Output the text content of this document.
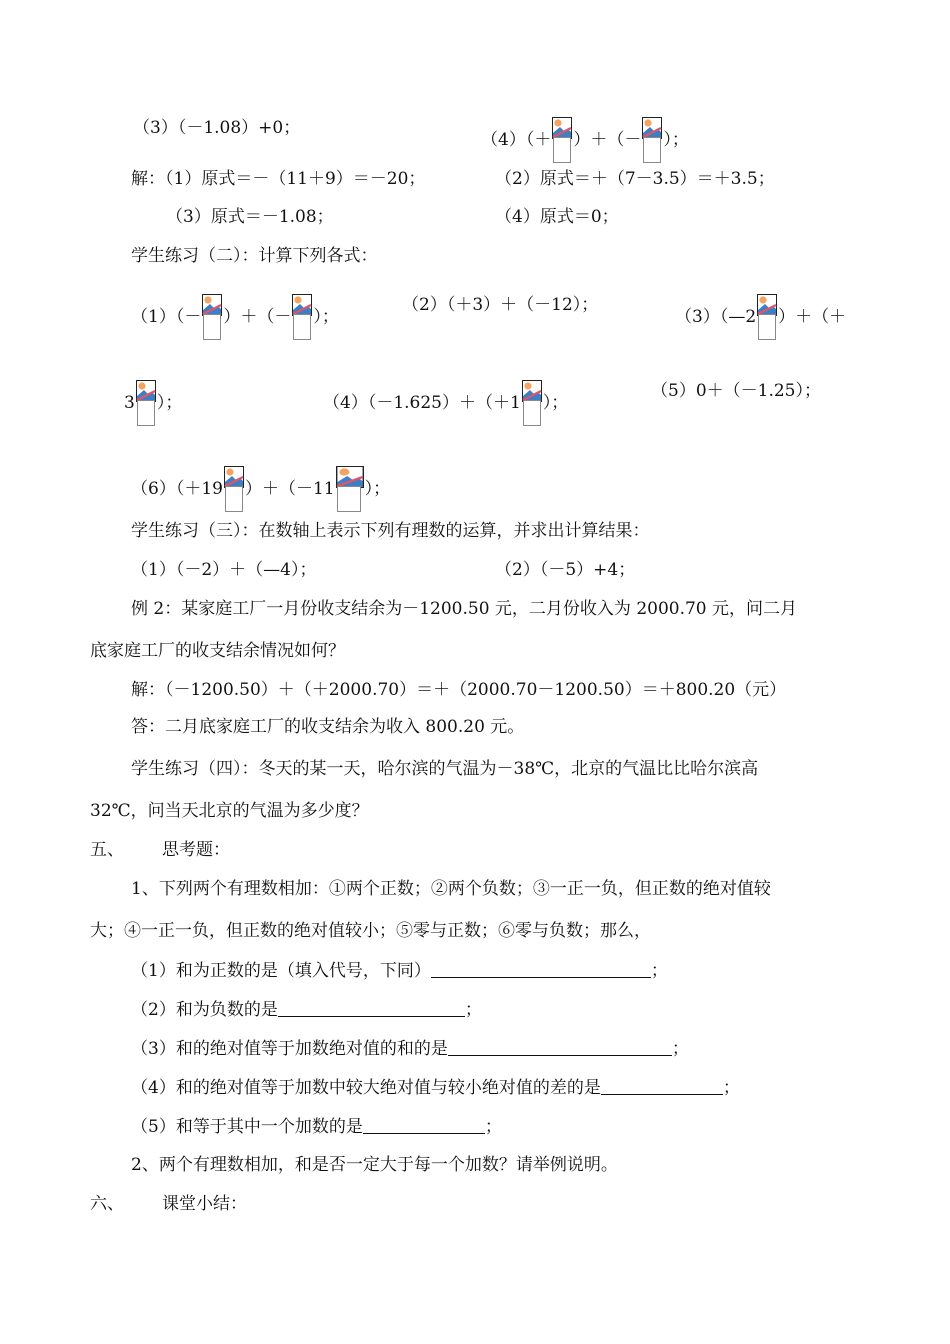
（3）（－1.08）+0；
（4）（＋ ）＋（－ ）；
解：（1）原式＝－（11＋9）＝－20；	（2）原式＝＋（7－3.5）＝＋3.5；
（3）原式＝－1.08；	（4）原式＝0；
学生练习（二）：计算下列各式：
（1）（－ ）＋（－ ）；
（2）（＋3）＋（－12）；
（3）（—2 ）＋（＋
3 ）；	（4）（－1.625）＋（＋1 ）；
（5）0＋（－1.25）；
（6）（＋19 ）＋（－11 ）；
学生练习（三）：在数轴上表示下列有理数的运算，并求出计算结果：
（1）（－2）＋（—4）；	（2）（－5）+4；
例 2：某家庭工厂一月份收支结余为－1200.50 元，二月份收入为 2000.70 元，问二月
底家庭工厂的收支结余情况如何？
解：（－1200.50）＋（＋2000.70）＝＋（2000.70－1200.50）＝＋800.20（元）
答：二月底家庭工厂的收支结余为收入 800.20 元。
学生练习（四）：冬天的某一天，哈尔滨的气温为－38℃，北京的气温比比哈尔滨高
32℃，问当天北京的气温为多少度？
五、 思考题：
1、下列两个有理数相加：①两个正数；②两个负数；③一正一负，但正数的绝对值较
大；④一正一负，但正数的绝对值较小；⑤零与正数；⑥零与负数；那么，
（1）和为正数的是（填入代号，下同）	；
（2）和为负数的是	；
（3）和的绝对值等于加数绝对值的和的是	；
（4）和的绝对值等于加数中较大绝对值与较小绝对值的差的是	；
（5）和等于其中一个加数的是	；
2、两个有理数相加，和是否一定大于每一个加数？请举例说明。
六、 课堂小结：
